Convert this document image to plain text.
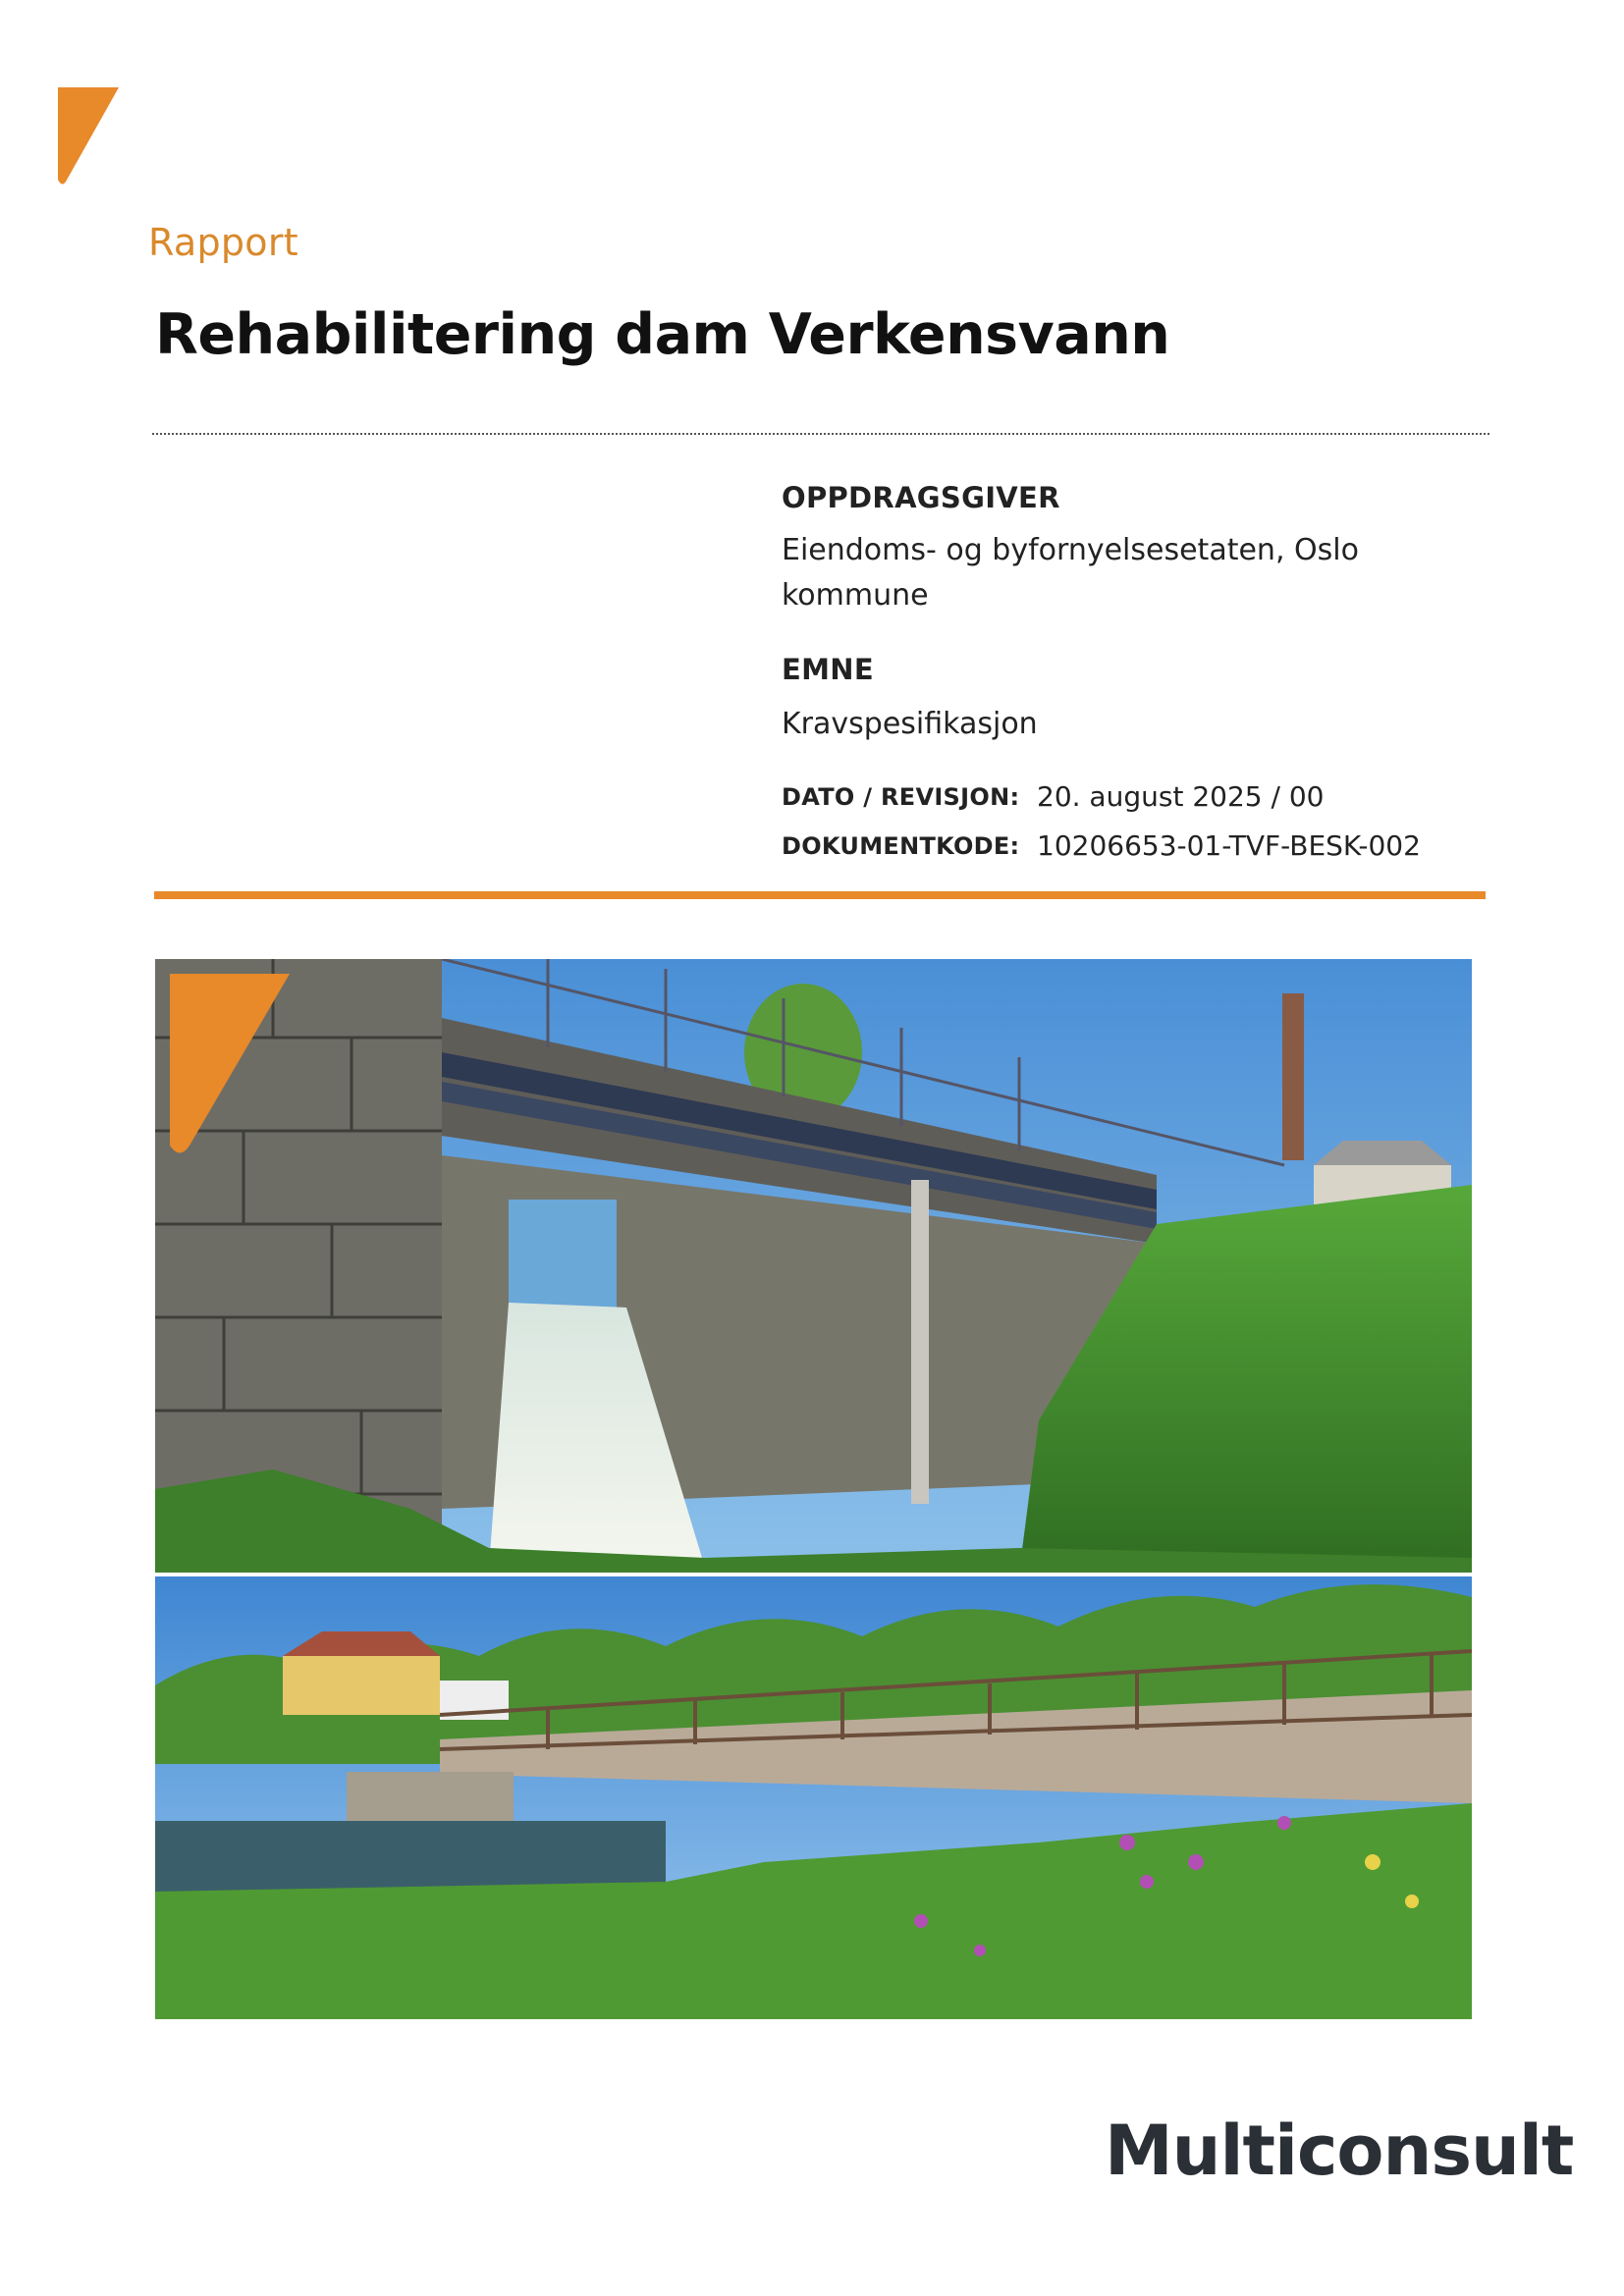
Rapport
Rehabilitering dam Verkensvann
OPPDRAGSGIVER
Eiendoms- og byfornyelsesetaten, Oslo kommune
EMNE
Kravspesifikasjon
DATO / REVISJON: 20. august 2025 / 00
DOKUMENTKODE: 10206653-01-TVF-BESK-002
Multiconsult
